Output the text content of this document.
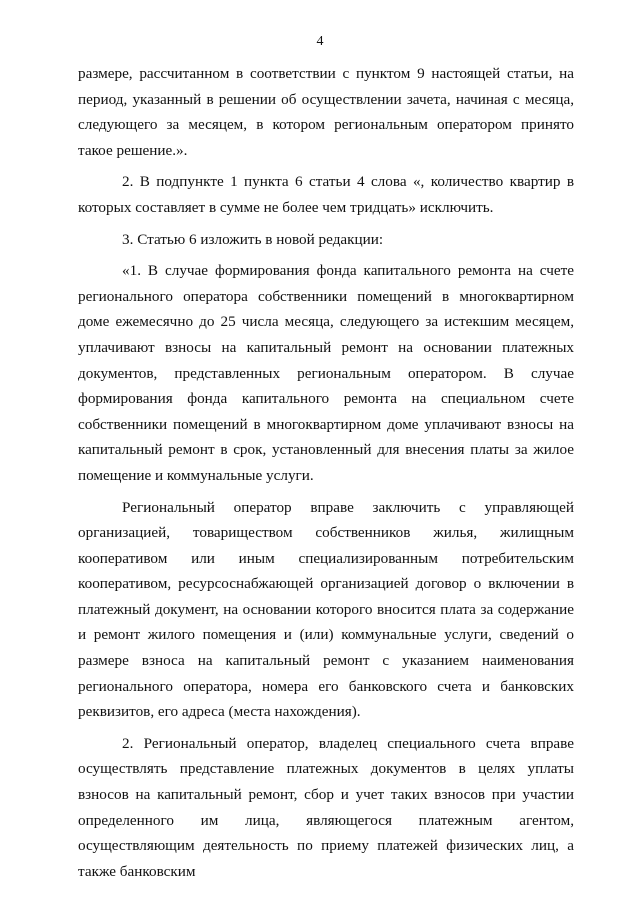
4

размере, рассчитанном в соответствии с пунктом 9 настоящей статьи, на период, указанный в решении об осуществлении зачета, начиная с месяца, следующего за месяцем, в котором региональным оператором принято такое решение.».

2. В подпункте 1 пункта 6 статьи 4 слова «, количество квартир в которых составляет в сумме не более чем тридцать» исключить.

3. Статью 6 изложить в новой редакции:

«1. В случае формирования фонда капитального ремонта на счете регионального оператора собственники помещений в многоквартирном доме ежемесячно до 25 числа месяца, следующего за истекшим месяцем, уплачивают взносы на капитальный ремонт на основании платежных документов, представленных региональным оператором. В случае формирования фонда капитального ремонта на специальном счете собственники помещений в многоквартирном доме уплачивают взносы на капитальный ремонт в срок, установленный для внесения платы за жилое помещение и коммунальные услуги.

Региональный оператор вправе заключить с управляющей организацией, товариществом собственников жилья, жилищным кооперативом или иным специализированным потребительским кооперативом, ресурсоснабжающей организацией договор о включении в платежный документ, на основании которого вносится плата за содержание и ремонт жилого помещения и (или) коммунальные услуги, сведений о размере взноса на капитальный ремонт с указанием наименования регионального оператора, номера его банковского счета и банковских реквизитов, его адреса (места нахождения).

2. Региональный оператор, владелец специального счета вправе осуществлять представление платежных документов в целях уплаты взносов на капитальный ремонт, сбор и учет таких взносов при участии определенного им лица, являющегося платежным агентом, осуществляющим деятельность по приему платежей физических лиц, а также банковским
